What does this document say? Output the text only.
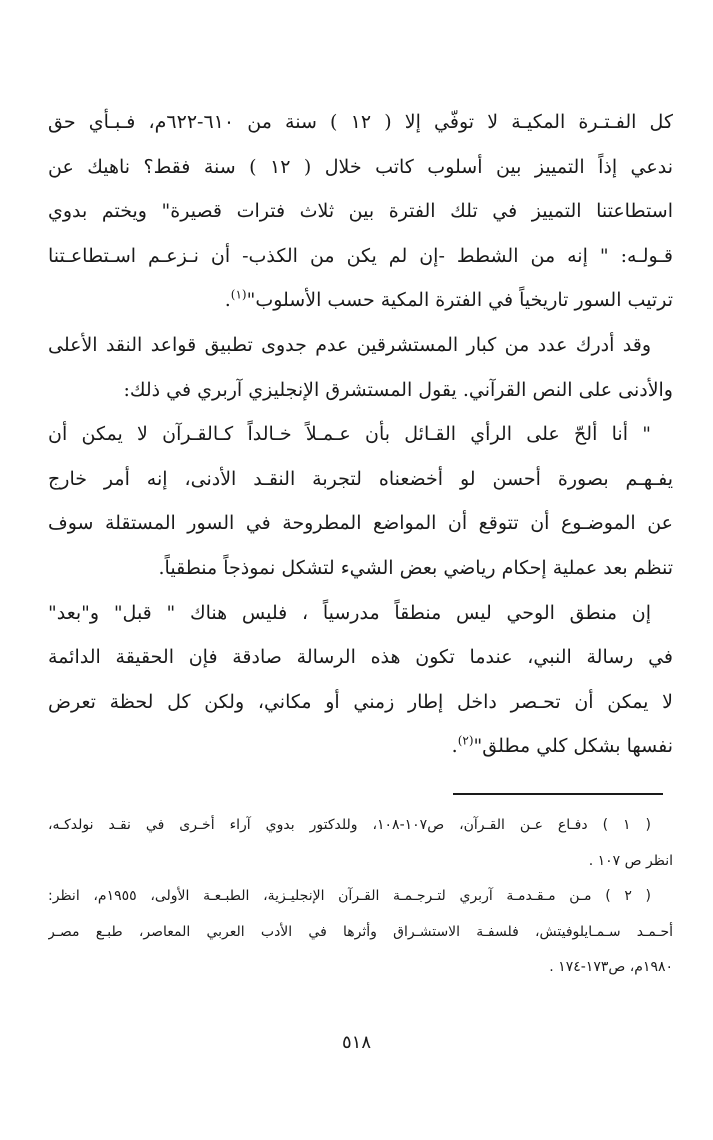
كل الفـتـرة المكيـة لا توفّي إلا ( ١٢ ) سنة من ٦١٠-٦٢٢م، فـبـأي حق
ندعي إذاً التمييز بين أسلوب كاتب خلال ( ١٢ ) سنة فقط؟ ناهيك عن
استطاعتنا التمييز في تلك الفترة بين ثلاث فترات قصيرة" ويختم بدوي
قـولـه: " إنه من الشطط -إن لم يكن من الكذب- أن نـزعـم اسـتطاعـتنا
ترتيب السور تاريخياً في الفترة المكية حسب الأسلوب"$^{(١)}$.
وقد أدرك عدد من كبار المستشرقين عدم جدوى تطبيق قواعد النقد الأعلى
والأدنى على النص القرآني. يقول المستشرق الإنجليزي آربري في ذلك:
" أنا ألحّ على الرأي القـائل بأن عـمـلاً خـالداً كـالقـرآن لا يمكن أن
يفـهـم بصورة أحسن لو أخضعناه لتجربة النقـد الأدنى، إنه أمر خارج
عن الموضـوع أن تتوقع أن المواضع المطروحة في السور المستقلة سوف
تنظم بعد عملية إحكام رياضي بعض الشيء لتشكل نموذجاً منطقياً.
إن منطق الوحي ليس منطقاً مدرسياً ، فليس هناك " قبل" و"بعد"
في رسالة النبي، عندما تكون هذه الرسالة صادقة فإن الحقيقة الدائمة
لا يمكن أن تحـصر داخل إطار زمني أو مكاني، ولكن كل لحظة تعرض
نفسها بشكل كلي مطلق"$^{(٢)}$.
( ١ ) دفـاع عـن القـرآن، ص١٠٧-١٠٨، وللدكتور بدوي آراء أخـرى في نقـد نولدكـه،
انظر ص ١٠٧ .
( ٢ ) مـن مـقـدمـة آربري لتـرجـمـة القـرآن الإنجليـزية، الطبـعـة الأولى، ١٩٥٥م، انظر:
أحـمـد سـمـايلوفيتش، فلسفـة الاستشـراق وأثرها في الأدب العربي المعاصر، طبـع مصـر
١٩٨٠م، ص١٧٣-١٧٤ .
٥١٨
